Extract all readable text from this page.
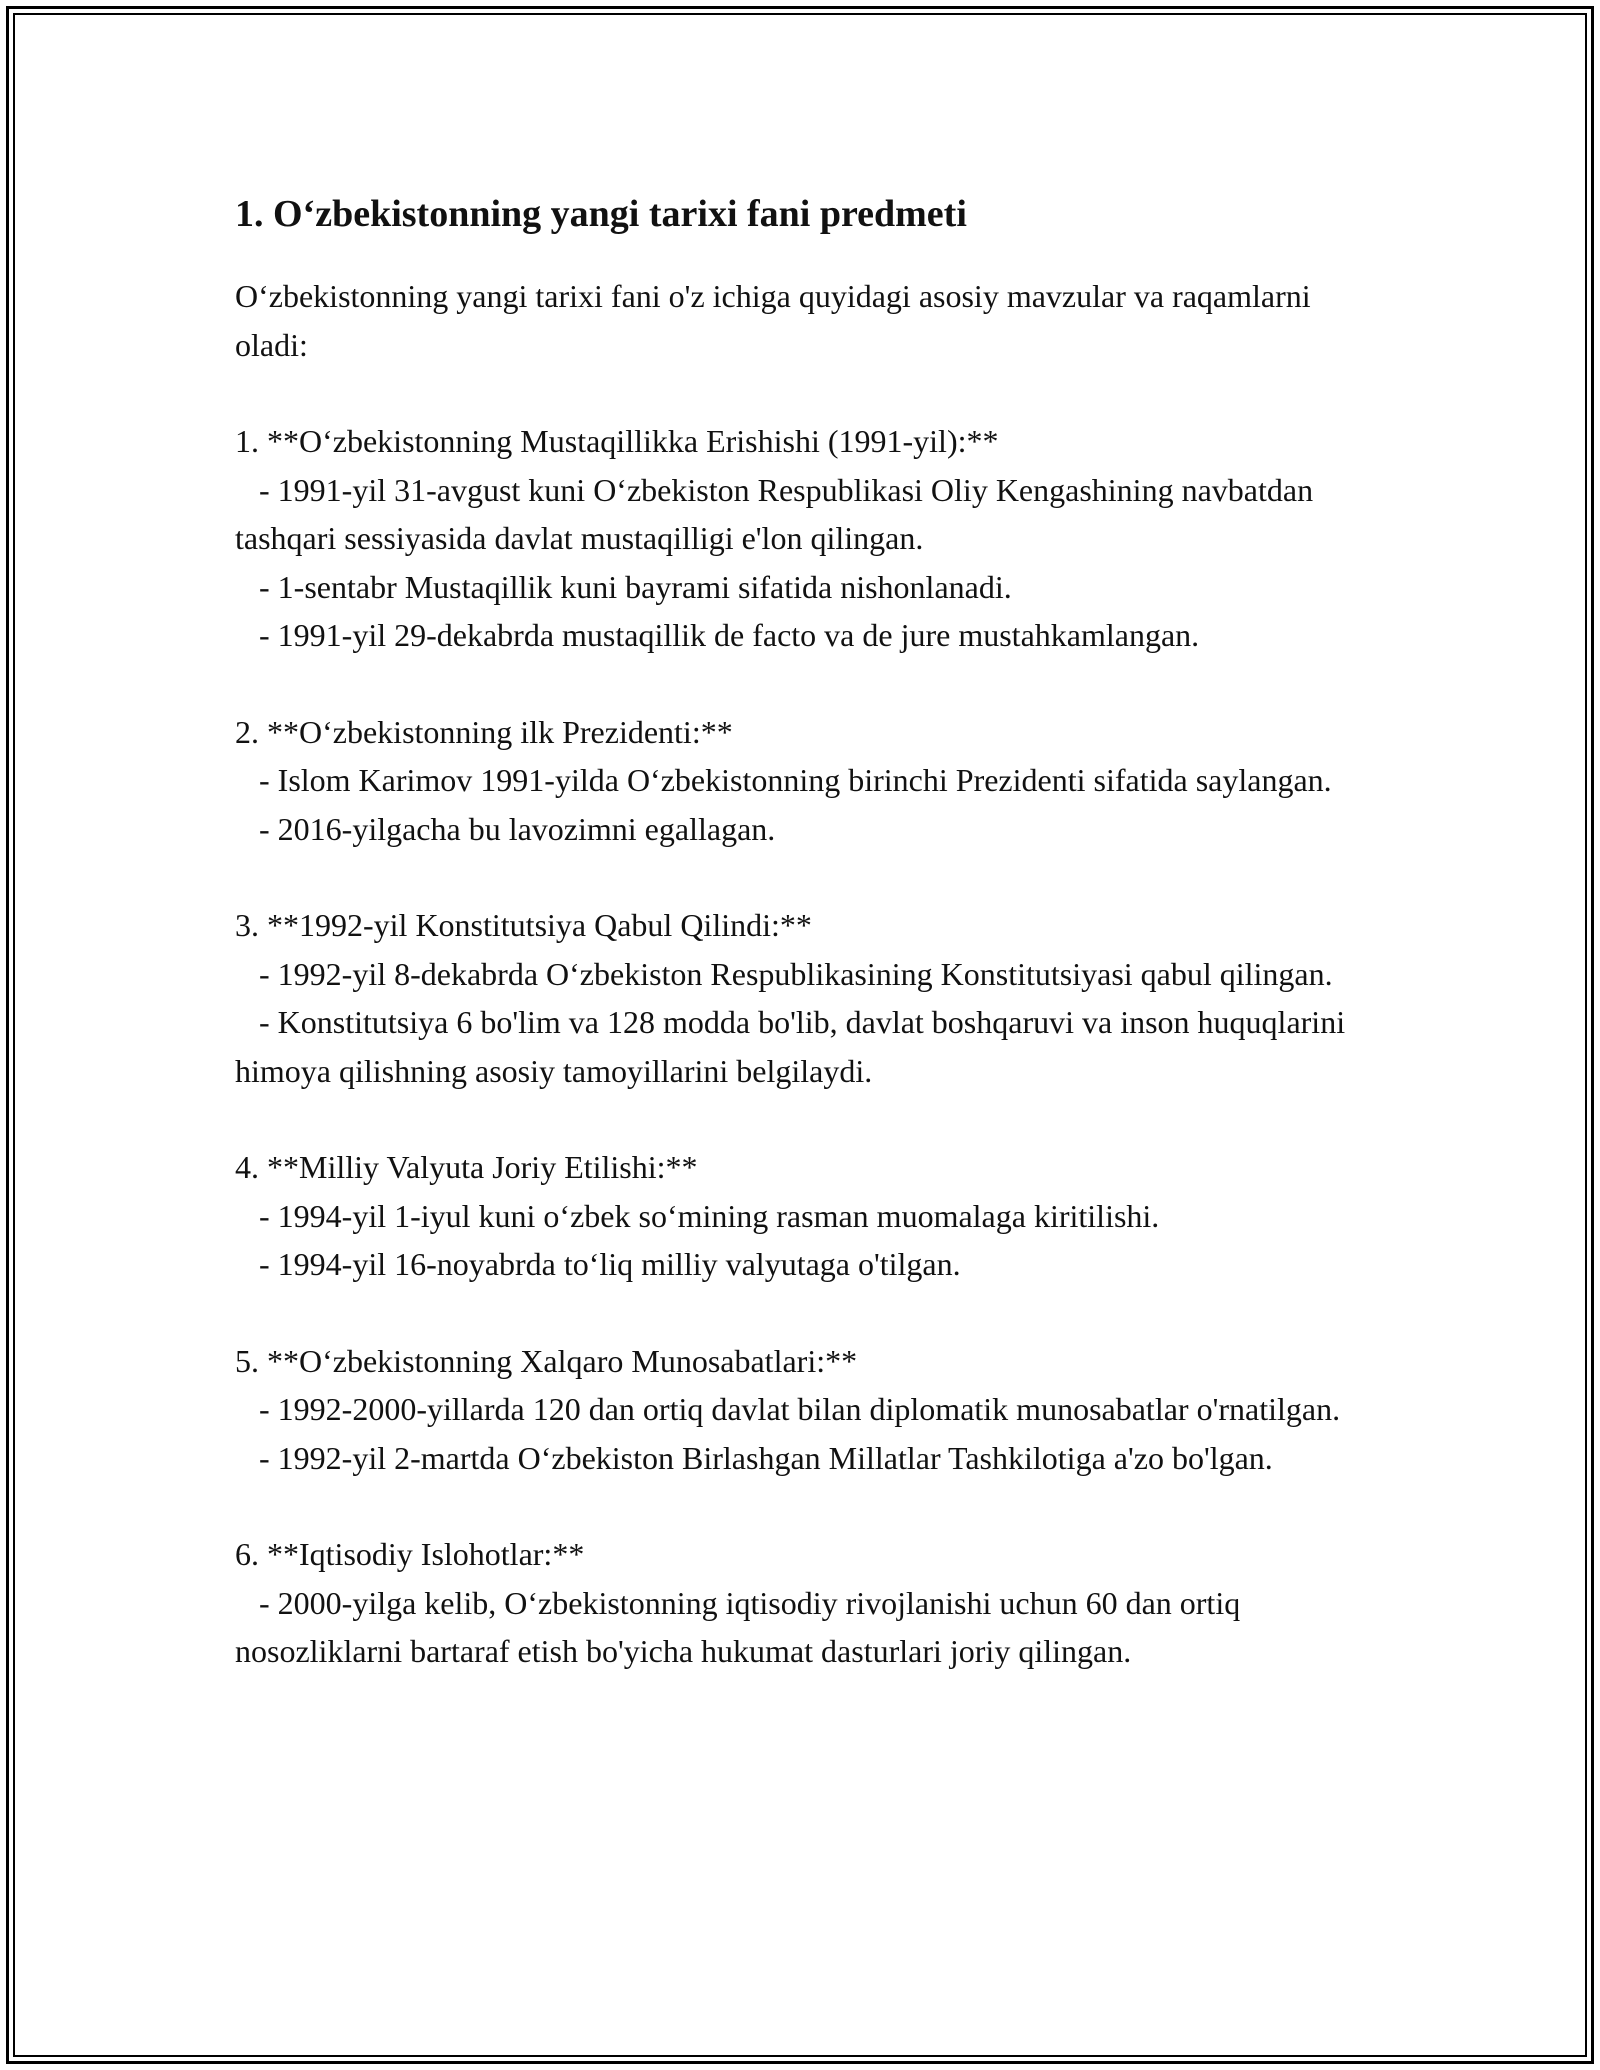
1. O‘zbekistonning yangi tarixi fani predmeti

O‘zbekistonning yangi tarixi fani o'z ichiga quyidagi asosiy mavzular va raqamlarni oladi:

1. **O‘zbekistonning Mustaqillikka Erishishi (1991-yil):**
- 1991-yil 31-avgust kuni O‘zbekiston Respublikasi Oliy Kengashining navbatdan tashqari sessiyasida davlat mustaqilligi e'lon qilingan.
- 1-sentabr Mustaqillik kuni bayrami sifatida nishonlanadi.
- 1991-yil 29-dekabrda mustaqillik de facto va de jure mustahkamlangan.
2. **O‘zbekistonning ilk Prezidenti:**
- Islom Karimov 1991-yilda O‘zbekistonning birinchi Prezidenti sifatida saylangan.
- 2016-yilgacha bu lavozimni egallagan.
3. **1992-yil Konstitutsiya Qabul Qilindi:**
- 1992-yil 8-dekabrda O‘zbekiston Respublikasining Konstitutsiyasi qabul qilingan.
- Konstitutsiya 6 bo'lim va 128 modda bo'lib, davlat boshqaruvi va inson huquqlarini himoya qilishning asosiy tamoyillarini belgilaydi.
4. **Milliy Valyuta Joriy Etilishi:**
- 1994-yil 1-iyul kuni o‘zbek so‘mining rasman muomalaga kiritilishi.
- 1994-yil 16-noyabrda to‘liq milliy valyutaga o'tilgan.
5. **O‘zbekistonning Xalqaro Munosabatlari:**
- 1992-2000-yillarda 120 dan ortiq davlat bilan diplomatik munosabatlar o'rnatilgan.
- 1992-yil 2-martda O‘zbekiston Birlashgan Millatlar Tashkilotiga a'zo bo'lgan.
6. **Iqtisodiy Islohotlar:**
- 2000-yilga kelib, O‘zbekistonning iqtisodiy rivojlanishi uchun 60 dan ortiq nosozliklarni bartaraf etish bo'yicha hukumat dasturlari joriy qilingan.
